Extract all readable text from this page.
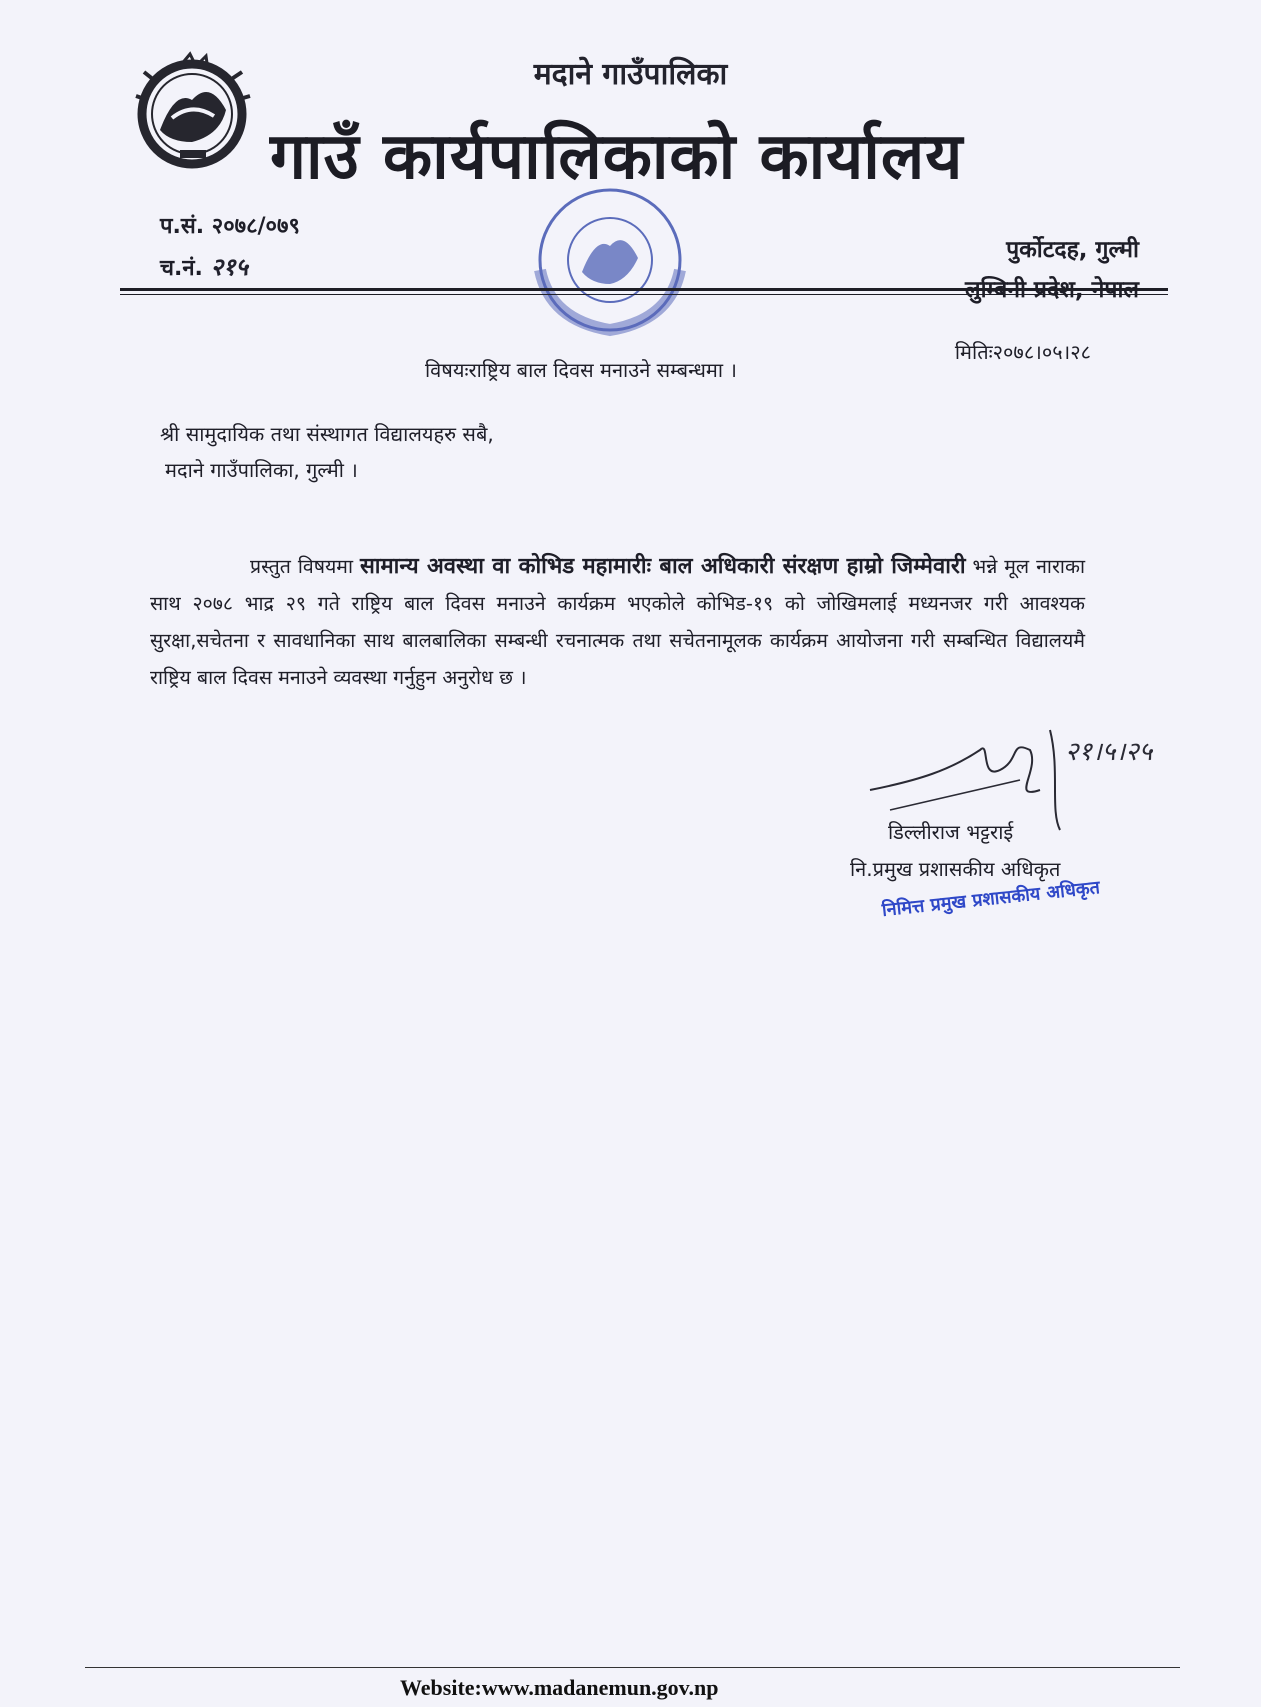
मदाने गाउँपालिका
गाउँ कार्यपालिकाको कार्यालय
प.सं. २०७८/०७९
च.नं. २१५
पुर्कोटदह, गुल्मी
मितिः२०७८।०५।२८
विषयःराष्ट्रिय बाल दिवस मनाउने सम्बन्धमा ।
श्री सामुदायिक तथा संस्थागत विद्यालयहरु सबै,
मदाने गाउँपालिका, गुल्मी ।
प्रस्तुत विषयमा सामान्य अवस्था वा कोभिड महामारीः बाल अधिकारी संरक्षण हाम्रो जिम्मेवारी भन्ने मूल नाराका साथ २०७८ भाद्र २९ गते राष्ट्रिय बाल दिवस मनाउने कार्यक्रम भएकोले कोभिड-१९ को जोखिमलाई मध्यनजर गरी आवश्यक सुरक्षा,सचेतना र सावधानिका साथ बालबालिका सम्बन्धी रचनात्मक तथा सचेतनामूलक कार्यक्रम आयोजना गरी सम्बन्धित विद्यालयमै राष्ट्रिय बाल दिवस मनाउने व्यवस्था गर्नुहुन अनुरोध छ ।
२१।५।२५
डिल्लीराज भट्टराई
नि.प्रमुख प्रशासकीय अधिकृत
निमित्त प्रमुख प्रशासकीय अधिकृत
Website:www.madanemun.gov.np
